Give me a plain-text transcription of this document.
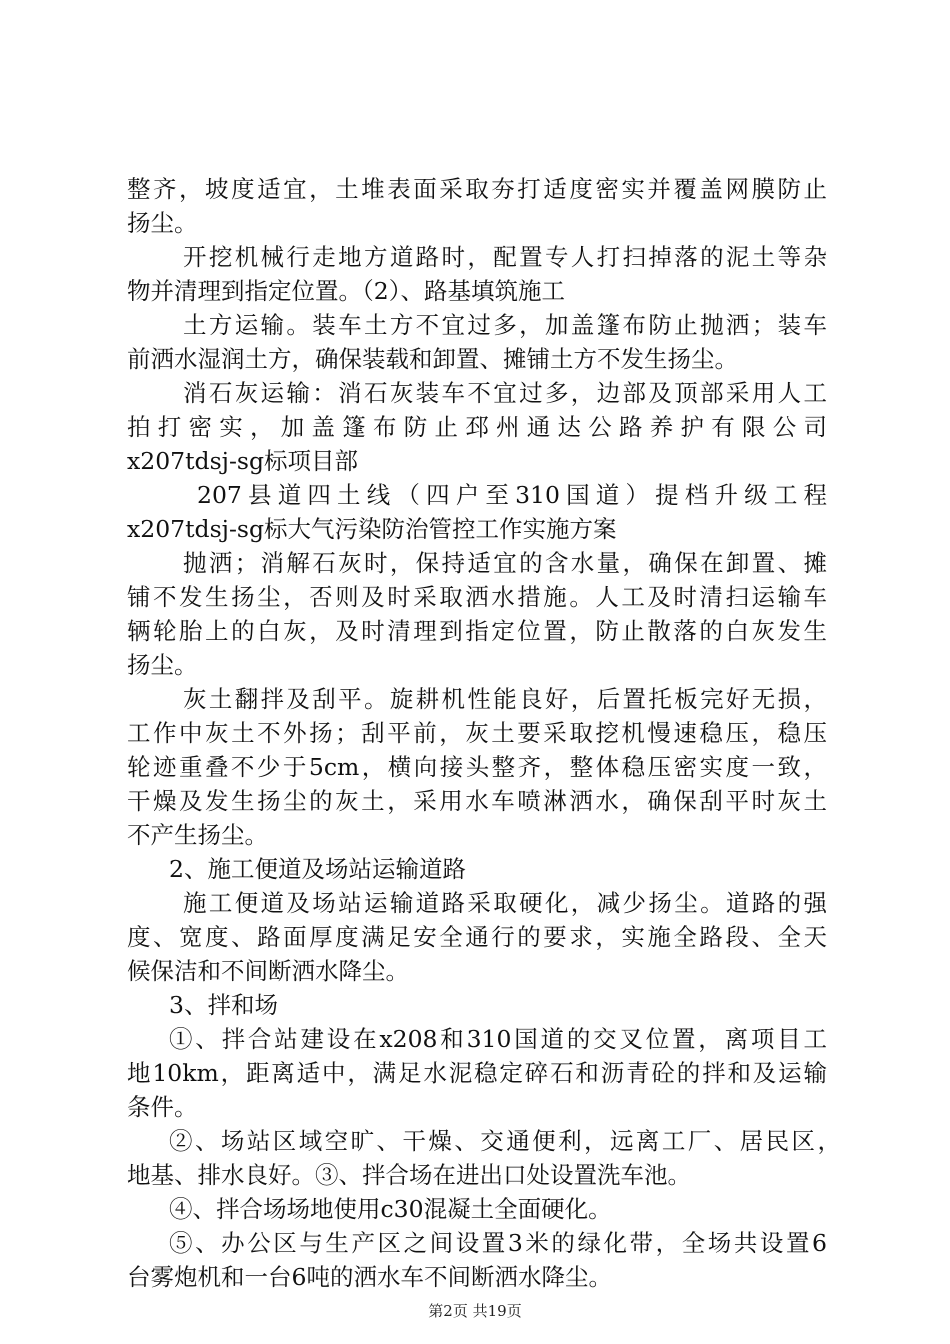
整齐，坡度适宜，土堆表面采取夯打适度密实并覆盖网膜防止
扬尘。
开挖机械行走地方道路时，配置专人打扫掉落的泥土等杂
物并清理到指定位置。（2）、路基填筑施工
土方运输。装车土方不宜过多，加盖篷布防止抛洒；装车
前洒水湿润土方，确保装载和卸置、摊铺土方不发生扬尘。
消石灰运输：消石灰装车不宜过多，边部及顶部采用人工
拍打密实，加盖篷布防止邳州通达公路养护有限公司
x207tdsj-sg标项目部
207县道四土线（四户至310国道）提档升级工程
x207tdsj-sg标大气污染防治管控工作实施方案
抛洒；消解石灰时，保持适宜的含水量，确保在卸置、摊
铺不发生扬尘，否则及时采取洒水措施。人工及时清扫运输车
辆轮胎上的白灰，及时清理到指定位置，防止散落的白灰发生
扬尘。
灰土翻拌及刮平。旋耕机性能良好，后置托板完好无损，
工作中灰土不外扬；刮平前，灰土要采取挖机慢速稳压，稳压
轮迹重叠不少于5cm，横向接头整齐，整体稳压密实度一致，
干燥及发生扬尘的灰土，采用水车喷淋洒水，确保刮平时灰土
不产生扬尘。
2、施工便道及场站运输道路
施工便道及场站运输道路采取硬化，减少扬尘。道路的强
度、宽度、路面厚度满足安全通行的要求，实施全路段、全天
候保洁和不间断洒水降尘。
3、拌和场
①、拌合站建设在x208和310国道的交叉位置，离项目工
地10km，距离适中，满足水泥稳定碎石和沥青砼的拌和及运输
条件。
②、场站区域空旷、干燥、交通便利，远离工厂、居民区，
地基、排水良好。③、拌合场在进出口处设置洗车池。
④、拌合场场地使用c30混凝土全面硬化。
⑤、办公区与生产区之间设置3米的绿化带，全场共设置6
台雾炮机和一台6吨的洒水车不间断洒水降尘。
第2页 共19页
